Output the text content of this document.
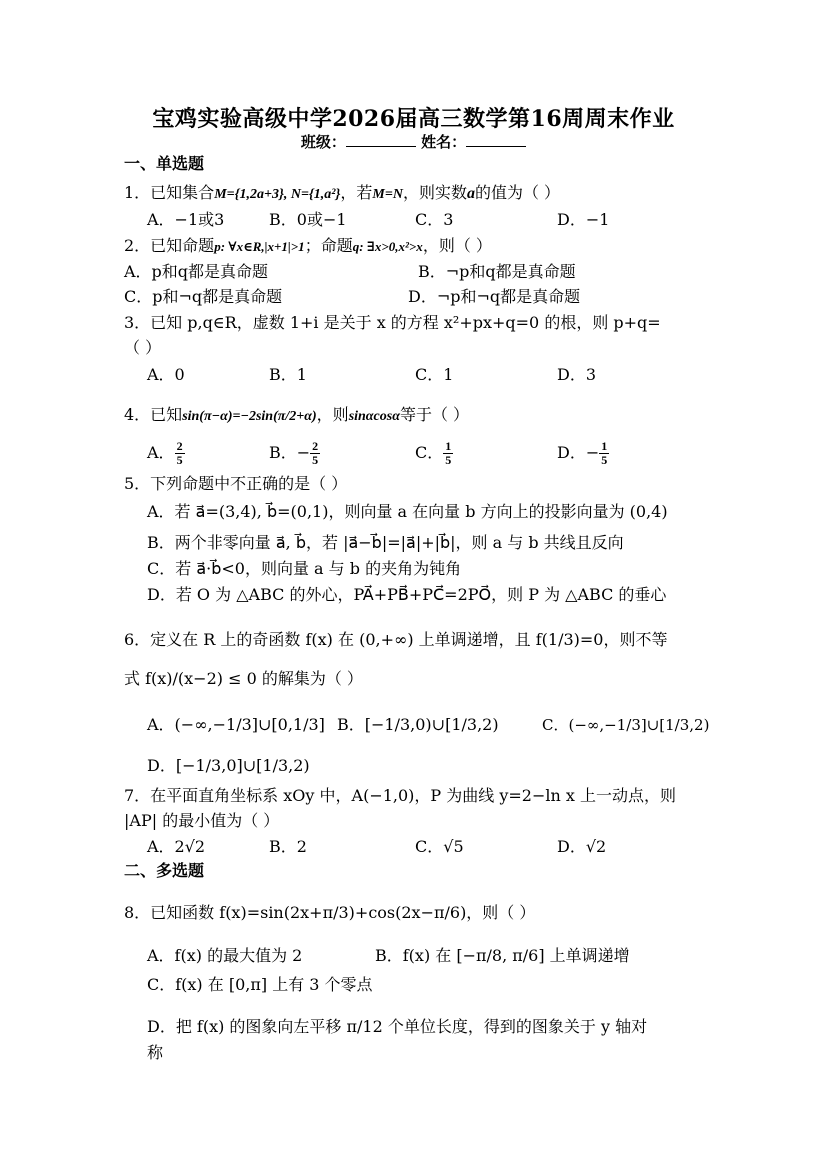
宝鸡实验高级中学2026届高三数学第16周周末作业
班级：	姓名：
一、单选题
1．已知集合M={1,2a+3}, N={1,a²}，若M=N，则实数a的值为（ ）
A．−1或3	B．0或−1	C．3	D．−1
2．已知命题p: ∀x∈R,|x+1|>1；命题q: ∃x>0,x²>x，则（ ）
A．p和q都是真命题	B．¬p和q都是真命题
C．p和¬q都是真命题	D．¬p和¬q都是真命题
3．已知 p,q∈R，虚数 1+i 是关于 x 的方程 x²+px+q=0 的根，则 p+q=
（ ）
A．0	B．1	C．1	D．3
4．已知sin(π−α)=−2sin(π/2+α)，则sinαcosα等于（ ）
A． $\frac{2}{5}$	B．− $\frac{2}{5}$	C． $\frac{1}{5}$	D．− $\frac{1}{5}$
5．下列命题中不正确的是（ ）
A．若 a⃗=(3,4), b⃗=(0,1)，则向量 a 在向量 b 方向上的投影向量为 (0,4)
B．两个非零向量 a⃗, b⃗，若 |a⃗−b⃗|=|a⃗|+|b⃗|，则 a 与 b 共线且反向
C．若 a⃗·b⃗<0，则向量 a 与 b 的夹角为钝角
D．若 O 为 △ABC 的外心，PA⃗+PB⃗+PC⃗=2PO⃗，则 P 为 △ABC 的垂心
6．定义在 R 上的奇函数 f(x) 在 (0,+∞) 上单调递增，且 f(1/3)=0，则不等
式 f(x)/(x−2) ≤ 0 的解集为（ ）
A．(−∞,−1/3]∪[0,1/3] B．[−1/3,0)∪[1/3,2)	C．(−∞,−1/3]∪[1/3,2)
D．[−1/3,0]∪[1/3,2)
7．在平面直角坐标系 xOy 中，A(−1,0)，P 为曲线 y=2−ln x 上一动点，则
|AP| 的最小值为（ ）
A．2√2	B．2	C．√5	D．√2
二、多选题
8．已知函数 f(x)=sin(2x+π/3)+cos(2x−π/6)，则（ ）
A．f(x) 的最大值为 2	B．f(x) 在 [−π/8, π/6] 上单调递增
C．f(x) 在 [0,π] 上有 3 个零点
D．把 f(x) 的图象向左平移 π/12 个单位长度，得到的图象关于 y 轴对
称
